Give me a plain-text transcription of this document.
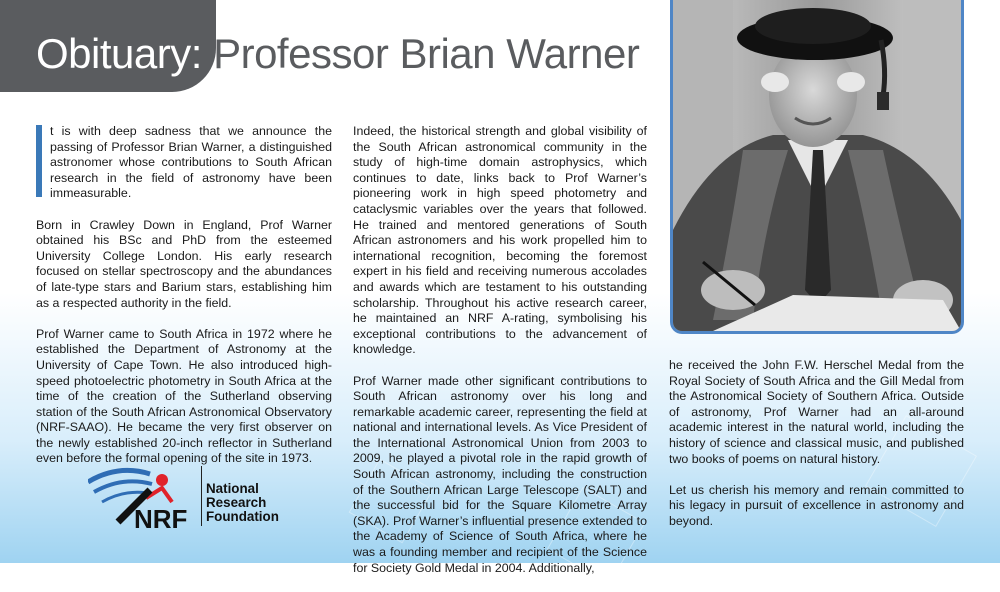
Obituary: Professor Brian Warner

t is with deep sadness that we announce the passing of Professor Brian Warner, a distinguished astronomer whose contributions to South African research in the field of astronomy have been immeasurable.

Born in Crawley Down in England, Prof Warner obtained his BSc and PhD from the esteemed University College London. His early research focused on stellar spectroscopy and the abundances of late-type stars and Barium stars, establishing him as a respected authority in the field.

Prof Warner came to South Africa in 1972 where he established the Department of Astronomy at the University of Cape Town. He also introduced high-speed photoelectric photometry in South Africa at the time of the creation of the Sutherland observing station of the South African Astronomical Observatory (NRF-SAAO). He became the very first observer on the newly established 20-inch reflector in Sutherland even before the formal opening of the site in 1973.

Indeed, the historical strength and global visibility of the South African astronomical community in the study of high-time domain astrophysics, which continues to date, links back to Prof Warner’s pioneering work in high speed photometry and cataclysmic variables over the years that followed. He trained and mentored generations of South African astronomers and his work propelled him to international recognition, becoming the foremost expert in his field and receiving numerous accolades and awards which are testament to his outstanding scholarship. Throughout his active research career, he maintained an NRF A-rating, symbolising his exceptional contributions to the advancement of knowledge.

Prof Warner made other significant contributions to South African astronomy over his long and remarkable academic career, representing the field at national and international levels. As Vice President of the International Astronomical Union from 2003 to 2009, he played a pivotal role in the rapid growth of South African astronomy, including the construction of the Southern African Large Telescope (SALT) and the successful bid for the Square Kilometre Array (SKA). Prof Warner’s influential presence extended to the Academy of Science of South Africa, where he was a founding member and recipient of the Science for Society Gold Medal in 2004. Additionally,

he received the John F.W. Herschel Medal from the Royal Society of South Africa and the Gill Medal from the Astronomical Society of Southern Africa. Outside of astronomy, Prof Warner had an all-around academic interest in the natural world, including the history of science and classical music, and published two books of poems on natural history.

Let us cherish his memory and remain committed to his legacy in pursuit of excellence in astronomy and beyond.

NRF
National
Research
Foundation
